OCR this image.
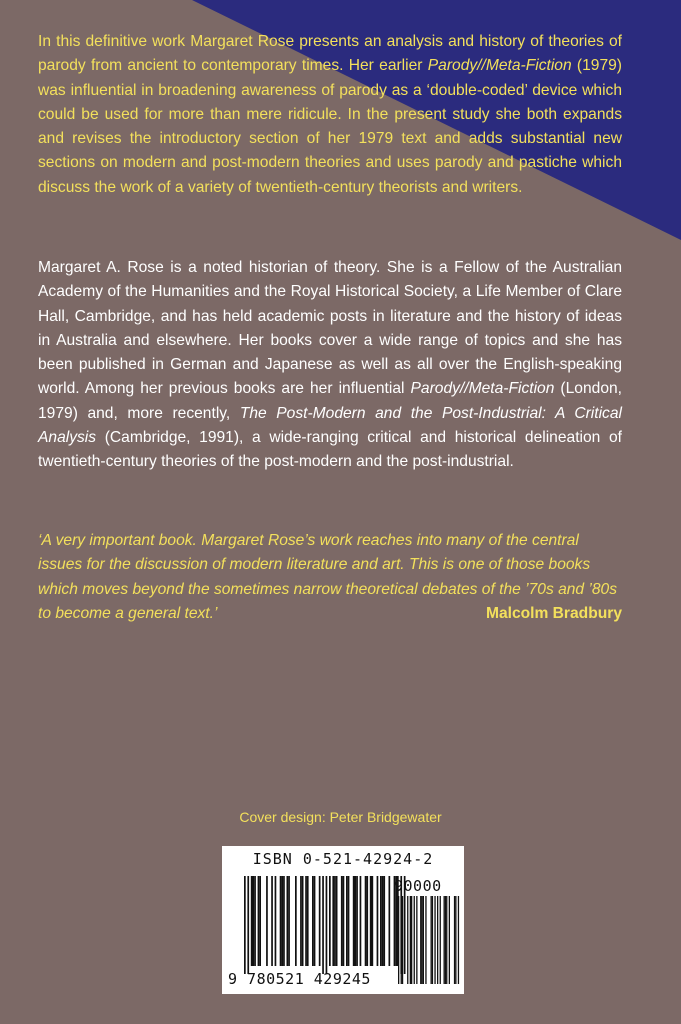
In this definitive work Margaret Rose presents an analysis and history of theories of parody from ancient to contemporary times. Her earlier Parody//Meta-Fiction (1979) was influential in broadening awareness of parody as a ‘double-coded’ device which could be used for more than mere ridicule. In the present study she both expands and revises the introductory section of her 1979 text and adds substantial new sections on modern and post-modern theories and uses parody and pastiche which discuss the work of a variety of twentieth-century theorists and writers.

Margaret A. Rose is a noted historian of theory. She is a Fellow of the Australian Academy of the Humanities and the Royal Historical Society, a Life Member of Clare Hall, Cambridge, and has held academic posts in literature and the history of ideas in Australia and elsewhere. Her books cover a wide range of topics and she has been published in German and Japanese as well as all over the English-speaking world. Among her previous books are her influential Parody//Meta-Fiction (London, 1979) and, more recently, The Post-Modern and the Post-Industrial: A Critical Analysis (Cambridge, 1991), a wide-ranging critical and historical delineation of twentieth-century theories of the post-modern and the post-industrial.

‘A very important book. Margaret Rose’s work reaches into many of the central issues for the discussion of modern literature and art. This is one of those books which moves beyond the sometimes narrow theoretical debates of the ’70s and ’80s to become a general text.’	Malcolm Bradbury

Cover design: Peter Bridgewater
ISBN 0-521-42924-2
90000
9 780521 429245
